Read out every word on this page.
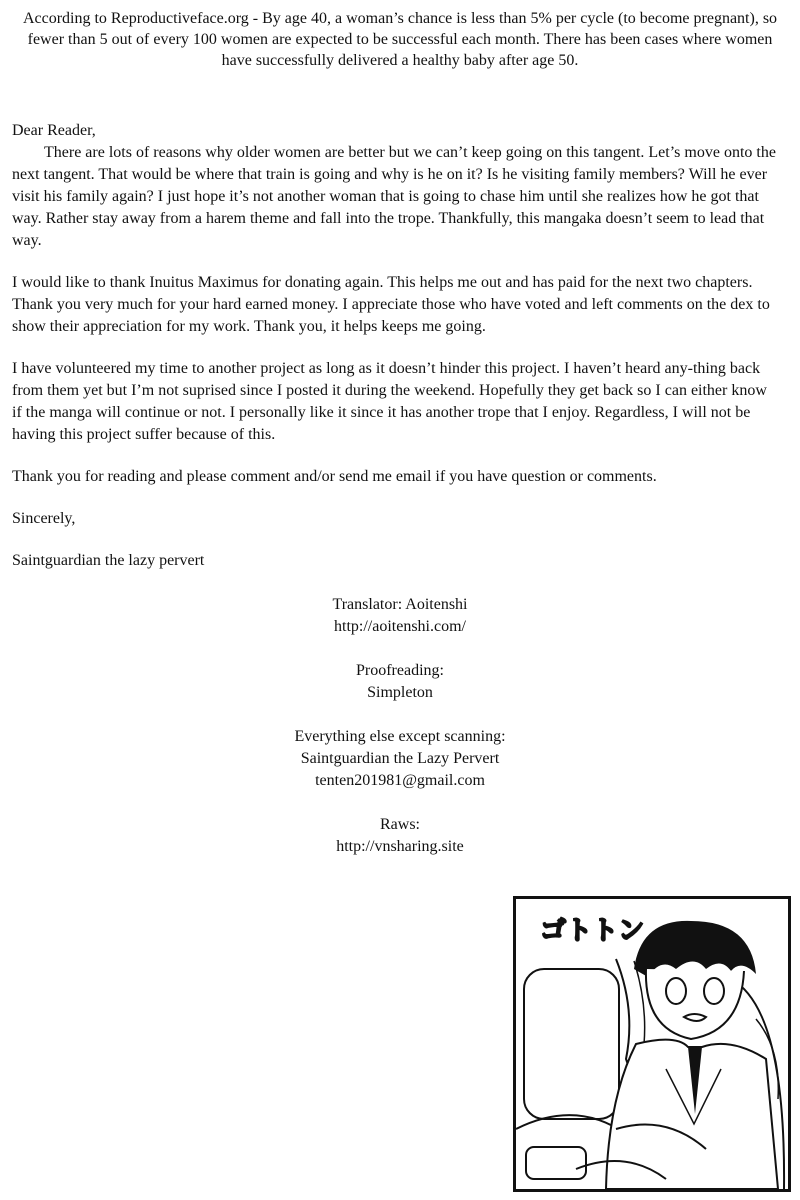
According to Reproductiveface.org - By age 40, a woman’s chance is less than 5% per cycle (to become pregnant), so fewer than 5 out of every 100 women are expected to be successful each month. There has been cases where women have successfully delivered a healthy baby after age 50.

Dear Reader,

There are lots of reasons why older women are better but we can’t keep going on this tangent. Let’s move onto the next tangent. That would be where that train is going and why is he on it? Is he visiting family members? Will he ever visit his family again? I just hope it’s not another woman that is going to chase him until she realizes how he got that way. Rather stay away from a harem theme and fall into the trope. Thankfully, this mangaka doesn’t seem to lead that way.

I would like to thank Inuitus Maximus for donating again. This helps me out and has paid for the next two chapters. Thank you very much for your hard earned money. I appreciate those who have voted and left comments on the dex to show their appreciation for my work. Thank you, it helps keeps me going.

I have volunteered my time to another project as long as it doesn’t hinder this project. I haven’t heard any-thing back from them yet but I’m not suprised since I posted it during the weekend. Hopefully they get back so I can either know if the manga will continue or not. I personally like it since it has another trope that I enjoy. Regardless, I will not be having this project suffer because of this.

Thank you for reading and please comment and/or send me email if you have question or comments.

Sincerely,

Saintguardian the lazy pervert

Translator: Aoitenshi
http://aoitenshi.com/
Proofreading:
Simpleton
Everything else except scanning:
Saintguardian the Lazy Pervert
tenten201981@gmail.com
Raws:
http://vnsharing.site
ゴトトン
